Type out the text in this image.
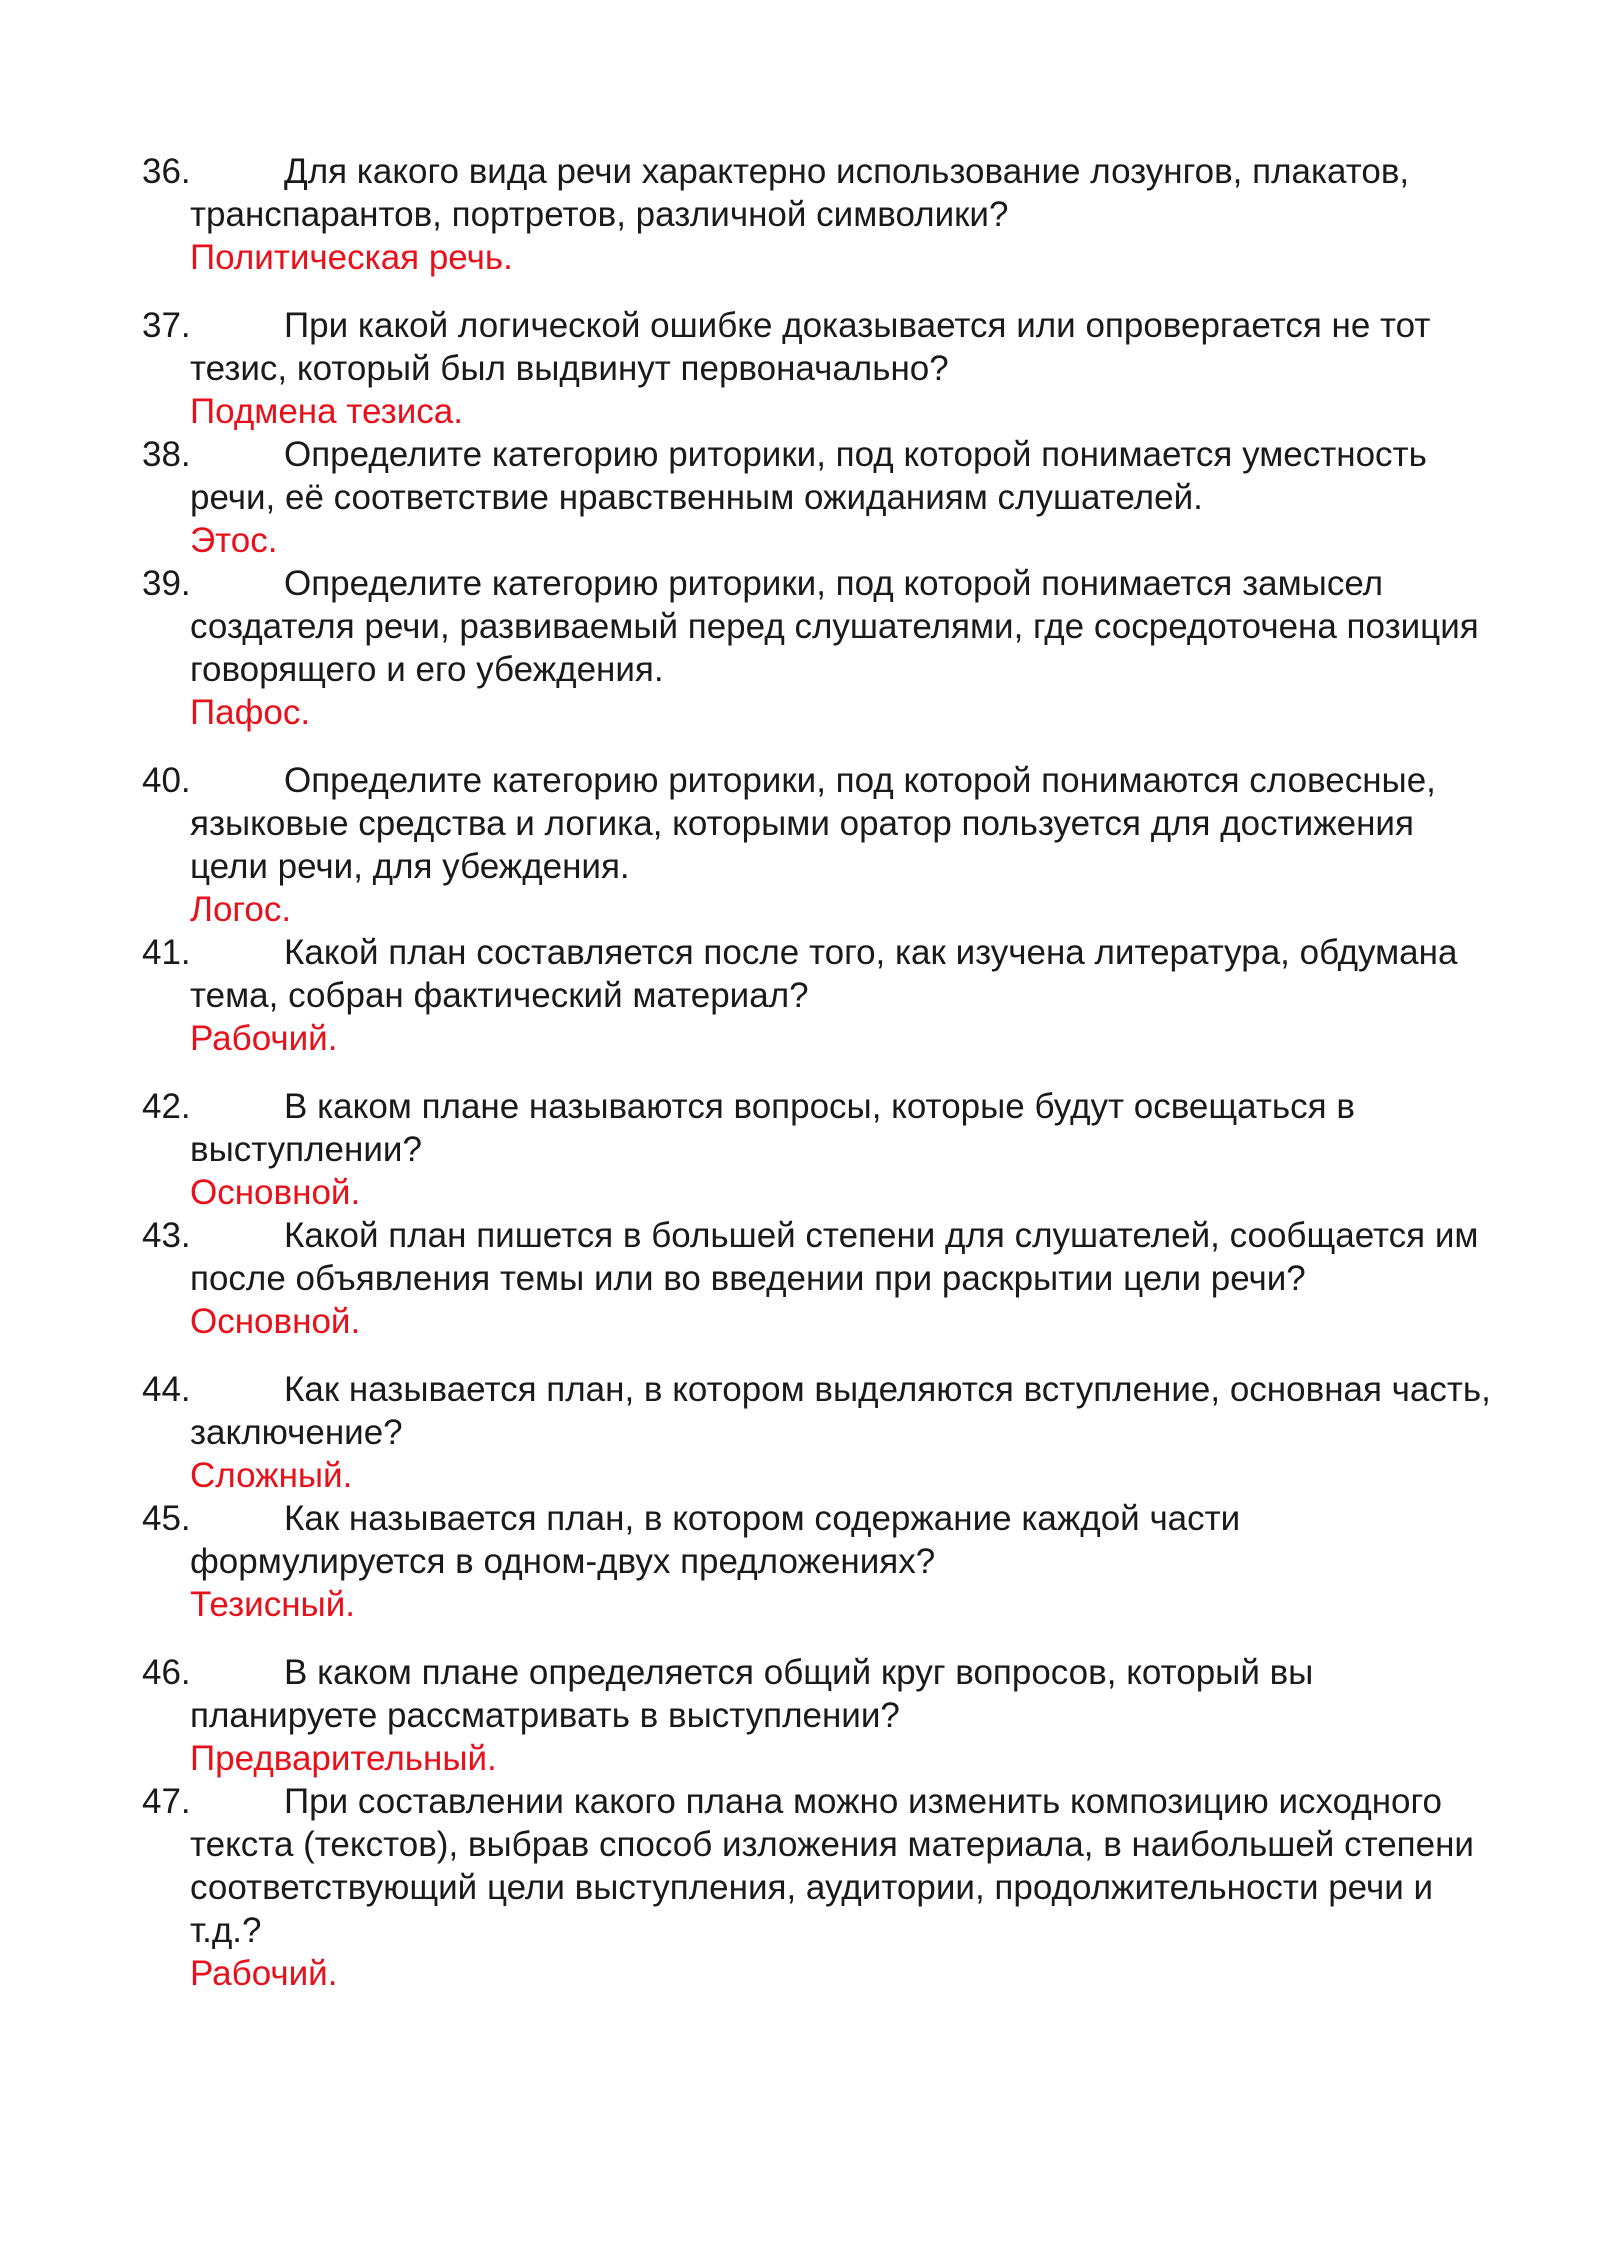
36.	Для какого вида речи характерно использование лозунгов, плакатов, транспарантов, портретов, различной символики?
Политическая речь.
37.	При какой логической ошибке доказывается или опровергается не тот тезис, который был выдвинут первоначально?
Подмена тезиса.
38.	Определите категорию риторики, под которой понимается уместность речи, её соответствие нравственным ожиданиям слушателей.
Этос.
39.	Определите категорию риторики, под которой понимается замысел создателя речи, развиваемый перед слушателями, где сосредоточена позиция говорящего и его убеждения.
Пафос.
40.	Определите категорию риторики, под которой понимаются словесные, языковые средства и логика, которыми оратор пользуется для достижения цели речи, для убеждения.
Логос.
41.	Какой план составляется после того, как изучена литература, обдумана тема, собран фактический материал?
Рабочий.
42.	В каком плане называются вопросы, которые будут освещаться в выступлении?
Основной.
43.	Какой план пишется в большей степени для слушателей, сообщается им после объявления темы или во введении при раскрытии цели речи?
Основной.
44.	Как называется план, в котором выделяются вступление, основная часть, заключение?
Сложный.
45.	Как называется план, в котором содержание каждой части формулируется в одном-двух предложениях?
Тезисный.
46.	В каком плане определяется общий круг вопросов, который вы планируете рассматривать в выступлении?
Предварительный.
47.	При составлении какого плана можно изменить композицию исходного текста (текстов), выбрав способ изложения материала, в наибольшей степени соответствующий цели выступления, аудитории, продолжительности речи и т.д.?
Рабочий.
